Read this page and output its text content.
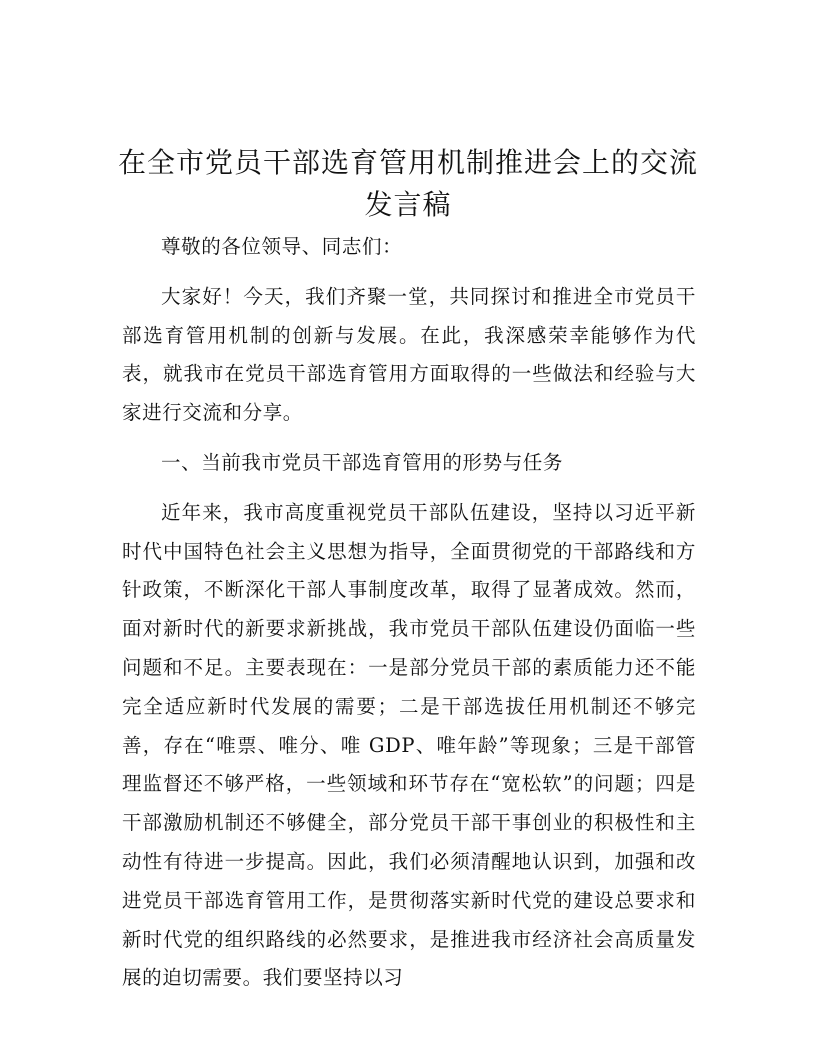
在全市党员干部选育管用机制推进会上的交流发言稿

尊敬的各位领导、同志们：

大家好！今天，我们齐聚一堂，共同探讨和推进全市党员干部选育管用机制的创新与发展。在此，我深感荣幸能够作为代表，就我市在党员干部选育管用方面取得的一些做法和经验与大家进行交流和分享。

一、当前我市党员干部选育管用的形势与任务

近年来，我市高度重视党员干部队伍建设，坚持以习近平新时代中国特色社会主义思想为指导，全面贯彻党的干部路线和方针政策，不断深化干部人事制度改革，取得了显著成效。然而，面对新时代的新要求新挑战，我市党员干部队伍建设仍面临一些问题和不足。主要表现在：一是部分党员干部的素质能力还不能完全适应新时代发展的需要；二是干部选拔任用机制还不够完善，存在“唯票、唯分、唯 GDP、唯年龄”等现象；三是干部管理监督还不够严格，一些领域和环节存在“宽松软”的问题；四是干部激励机制还不够健全，部分党员干部干事创业的积极性和主动性有待进一步提高。因此，我们必须清醒地认识到，加强和改进党员干部选育管用工作，是贯彻落实新时代党的建设总要求和新时代党的组织路线的必然要求，是推进我市经济社会高质量发展的迫切需要。我们要坚持以习
